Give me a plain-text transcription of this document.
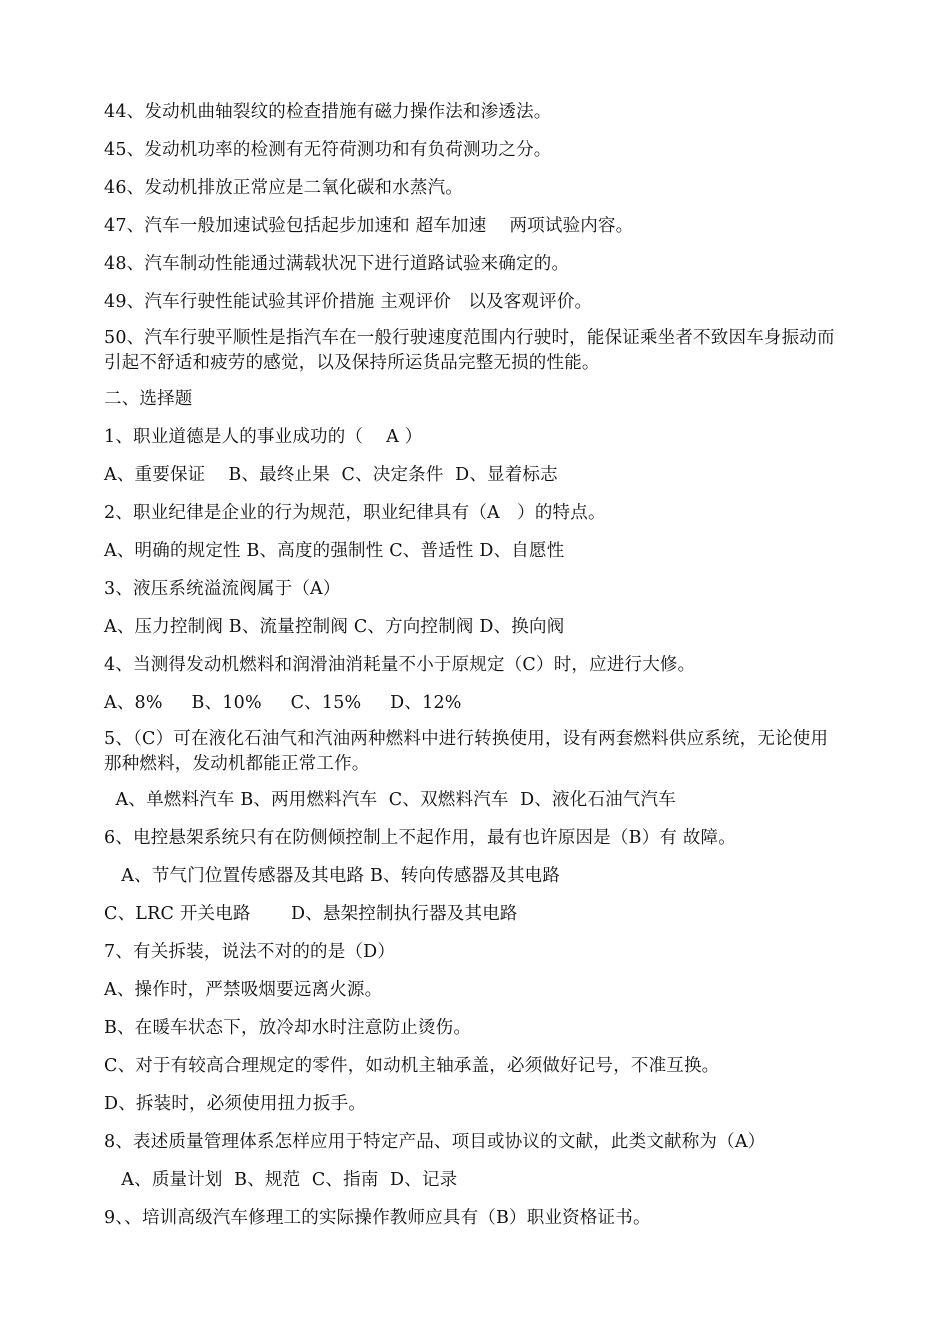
44、发动机曲轴裂纹的检查措施有磁力操作法和渗透法。
45、发动机功率的检测有无符荷测功和有负荷测功之分。
46、发动机排放正常应是二氧化碳和水蒸汽。
47、汽车一般加速试验包括起步加速和 超车加速    两项试验内容。
48、汽车制动性能通过满载状况下进行道路试验来确定的。
49、汽车行驶性能试验其评价措施 主观评价   以及客观评价。
50、汽车行驶平顺性是指汽车在一般行驶速度范围内行驶时，能保证乘坐者不致因车身振动而引起不舒适和疲劳的感觉，以及保持所运货品完整无损的性能。
二、选择题
1、职业道德是人的事业成功的（    A ）
A、重要保证    B、最终止果  C、决定条件  D、显着标志
2、职业纪律是企业的行为规范，职业纪律具有（A   ）的特点。
A、明确的规定性 B、高度的强制性 C、普适性 D、自愿性
3、液压系统溢流阀属于（A）
A、压力控制阀 B、流量控制阀 C、方向控制阀 D、换向阀
4、当测得发动机燃料和润滑油消耗量不小于原规定（C）时，应进行大修。
A、8%     B、10%     C、15%     D、12%
5、（C）可在液化石油气和汽油两种燃料中进行转换使用，设有两套燃料供应系统，无论使用那种燃料，发动机都能正常工作。
A、单燃料汽车 B、两用燃料汽车  C、双燃料汽车  D、液化石油气汽车
6、电控悬架系统只有在防侧倾控制上不起作用，最有也许原因是（B）有 故障。
A、节气门位置传感器及其电路 B、转向传感器及其电路
C、LRC 开关电路       D、悬架控制执行器及其电路
7、有关拆装，说法不对的的是（D）
A、操作时，严禁吸烟要远离火源。
B、在暖车状态下，放冷却水时注意防止烫伤。
C、对于有较高合理规定的零件，如动机主轴承盖，必须做好记号，不准互换。
D、拆装时，必须使用扭力扳手。
8、表述质量管理体系怎样应用于特定产品、项目或协议的文献，此类文献称为（A）
A、质量计划  B、规范  C、指南  D、记录
9、、培训高级汽车修理工的实际操作教师应具有（B）职业资格证书。
